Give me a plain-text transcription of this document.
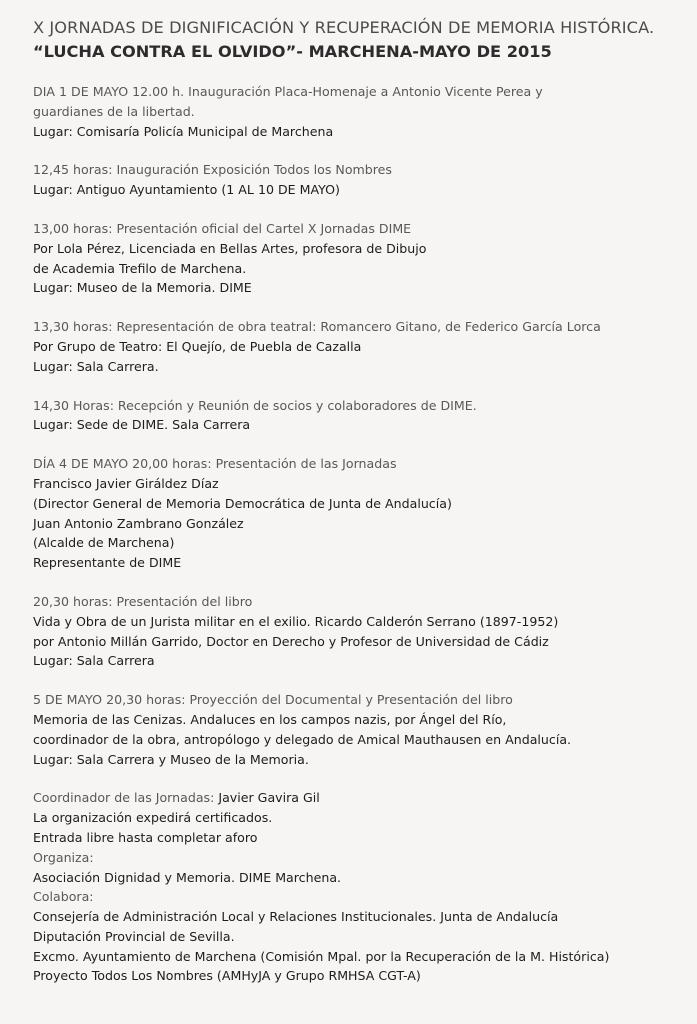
X JORNADAS DE DIGNIFICACIÓN Y RECUPERACIÓN DE MEMORIA HISTÓRICA.
“LUCHA CONTRA EL OLVIDO”- MARCHENA-MAYO DE 2015
DIA 1 DE MAYO 12.00 h. Inauguración Placa-Homenaje a Antonio Vicente Perea y
guardianes de la libertad.
Lugar: Comisaría Policía Municipal de Marchena
12,45 horas: Inauguración Exposición Todos los Nombres
Lugar: Antiguo Ayuntamiento (1 AL 10 DE MAYO)
13,00 horas: Presentación oficial del Cartel X Jornadas DIME
Por Lola Pérez, Licenciada en Bellas Artes, profesora de Dibujo
de Academia Trefilo de Marchena.
Lugar: Museo de la Memoria. DIME
13,30 horas: Representación de obra teatral: Romancero Gitano, de Federico García Lorca
Por Grupo de Teatro: El Quejío, de Puebla de Cazalla
Lugar: Sala Carrera.
14,30 Horas: Recepción y Reunión de socios y colaboradores de DIME.
Lugar: Sede de DIME. Sala Carrera
DÍA 4 DE MAYO 20,00 horas: Presentación de las Jornadas
Francisco Javier Giráldez Díaz
(Director General de Memoria Democrática de Junta de Andalucía)
Juan Antonio Zambrano González
(Alcalde de Marchena)
Representante de DIME
20,30 horas: Presentación del libro
Vida y Obra de un Jurista militar en el exilio. Ricardo Calderón Serrano (1897-1952)
por Antonio Millán Garrido, Doctor en Derecho y Profesor de Universidad de Cádiz
Lugar: Sala Carrera
5 DE MAYO 20,30 horas: Proyección del Documental y Presentación del libro
Memoria de las Cenizas. Andaluces en los campos nazis, por Ángel del Río,
coordinador de la obra, antropólogo y delegado de Amical Mauthausen en Andalucía.
Lugar: Sala Carrera y Museo de la Memoria.
Coordinador de las Jornadas: Javier Gavira Gil
La organización expedirá certificados.
Entrada libre hasta completar aforo
Organiza:
Asociación Dignidad y Memoria. DIME Marchena.
Colabora:
Consejería de Administración Local y Relaciones Institucionales. Junta de Andalucía
Diputación Provincial de Sevilla.
Excmo. Ayuntamiento de Marchena (Comisión Mpal. por la Recuperación de la M. Histórica)
Proyecto Todos Los Nombres (AMHyJA y Grupo RMHSA CGT-A)
